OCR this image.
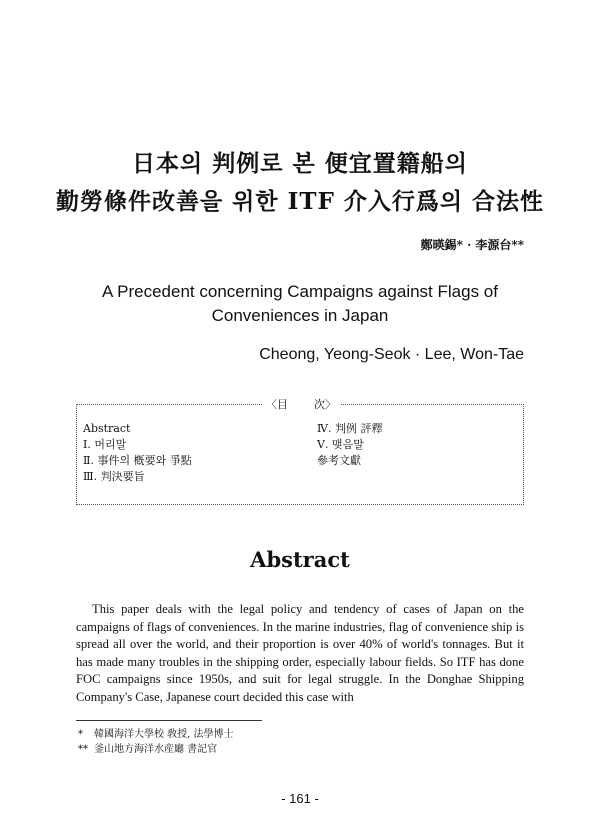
日本의 判例로 본 便宜置籍船의
勤勞條件改善을 위한 ITF 介入行爲의 合法性
鄭暎錫* · 李源台**
A Precedent concerning Campaigns against Flags of
Conveniences in Japan
Cheong, Yeong-Seok · Lee, Won-Tae
〈目 次〉
Abstract
Ⅰ. 머리말
Ⅱ. 事件의 槪要와 爭點
Ⅲ. 判決要旨
Ⅳ. 判例 評釋
Ⅴ. 맺음말
參考文獻
Abstract

This paper deals with the legal policy and tendency of cases of Japan on the campaigns of flags of conveniences. In the marine industries, flag of convenience ship is spread all over the world, and their proportion is over 40% of world's tonnages. But it has made many troubles in the shipping order, especially labour fields. So ITF has done FOC campaigns since 1950s, and suit for legal struggle. In the Donghae Shipping Company's Case, Japanese court decided this case with

* 韓國海洋大學校 敎授, 法學博士
** 釜山地方海洋水産廳 書記官
- 161 -
